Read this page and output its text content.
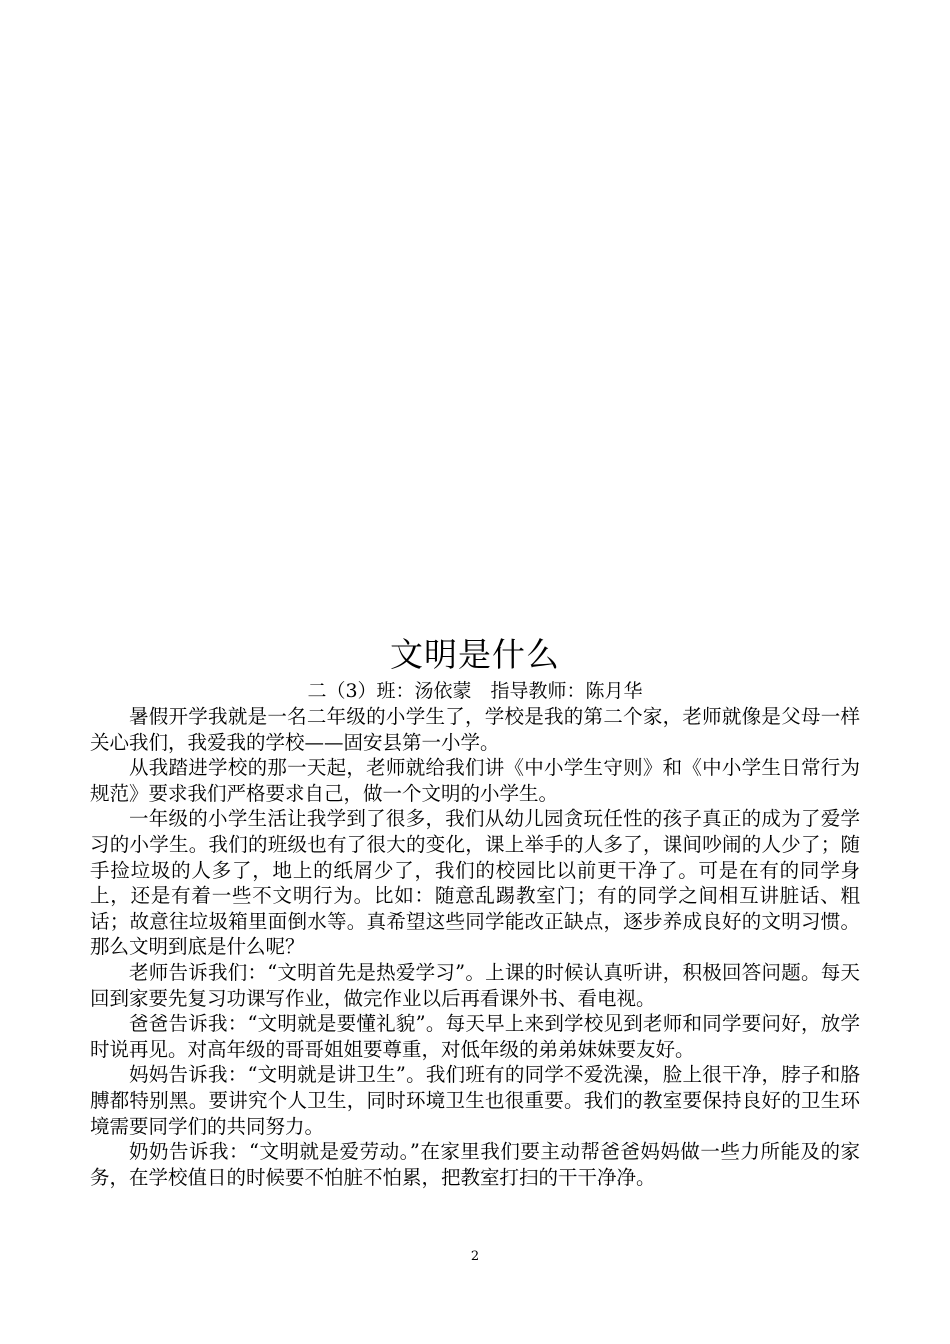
文明是什么
二（3）班：汤依蒙　指导教师：陈月华

暑假开学我就是一名二年级的小学生了，学校是我的第二个家，老师就像是父母一样关心我们，我爱我的学校——固安县第一小学。

从我踏进学校的那一天起，老师就给我们讲《中小学生守则》和《中小学生日常行为规范》要求我们严格要求自己，做一个文明的小学生。

一年级的小学生活让我学到了很多，我们从幼儿园贪玩任性的孩子真正的成为了爱学习的小学生。我们的班级也有了很大的变化，课上举手的人多了，课间吵闹的人少了；随手捡垃圾的人多了，地上的纸屑少了，我们的校园比以前更干净了。可是在有的同学身上，还是有着一些不文明行为。比如：随意乱踢教室门；有的同学之间相互讲脏话、粗话；故意往垃圾箱里面倒水等。真希望这些同学能改正缺点，逐步养成良好的文明习惯。那么文明到底是什么呢？

老师告诉我们：“文明首先是热爱学习”。上课的时候认真听讲，积极回答问题。每天回到家要先复习功课写作业，做完作业以后再看课外书、看电视。

爸爸告诉我：“文明就是要懂礼貌”。每天早上来到学校见到老师和同学要问好，放学时说再见。对高年级的哥哥姐姐要尊重，对低年级的弟弟妹妹要友好。

妈妈告诉我：“文明就是讲卫生”。我们班有的同学不爱洗澡，脸上很干净，脖子和胳膊都特别黑。要讲究个人卫生，同时环境卫生也很重要。我们的教室要保持良好的卫生环境需要同学们的共同努力。

奶奶告诉我：“文明就是爱劳动。”在家里我们要主动帮爸爸妈妈做一些力所能及的家务，在学校值日的时候要不怕脏不怕累，把教室打扫的干干净净。

2
